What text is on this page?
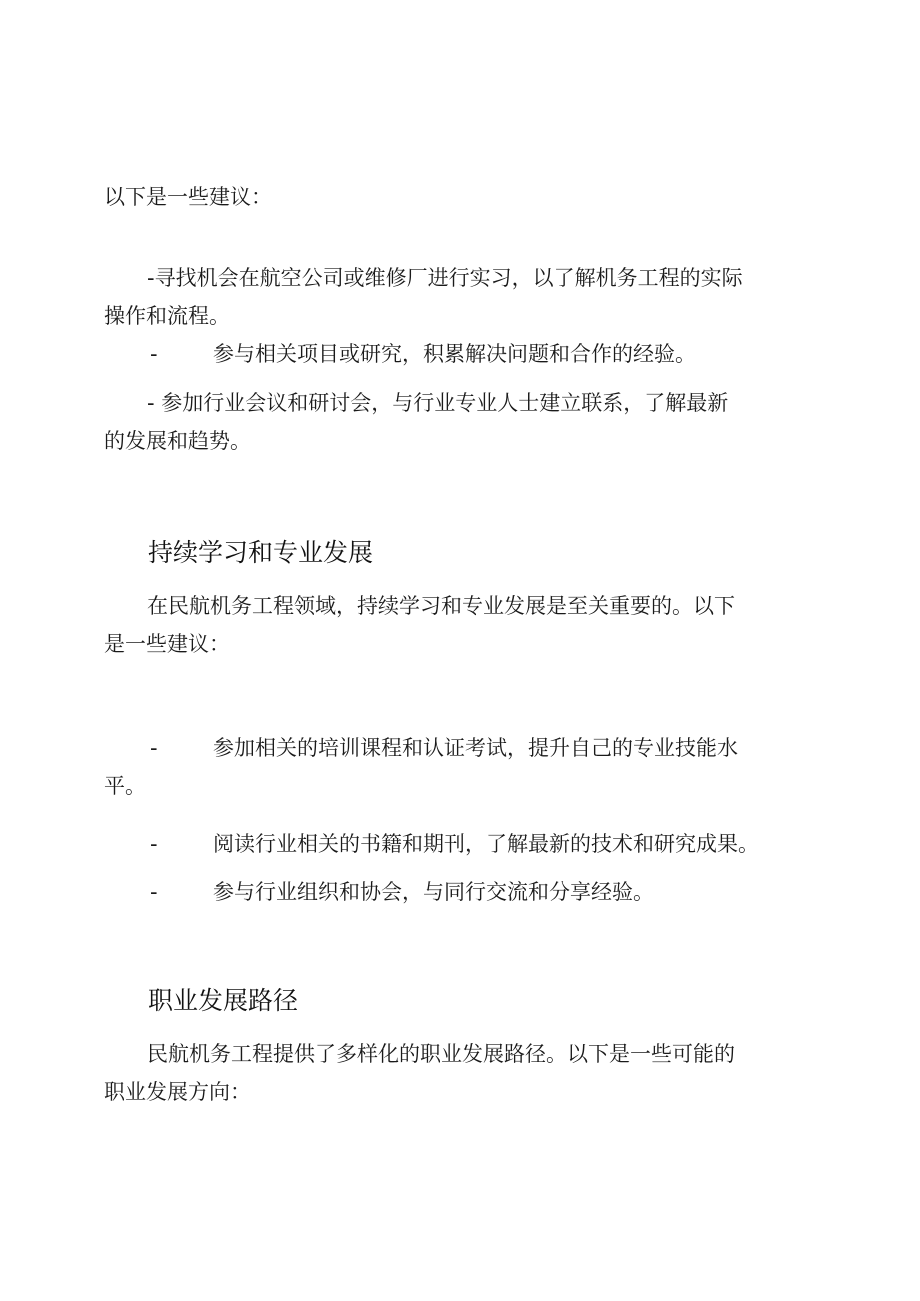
以下是一些建议：

-寻找机会在航空公司或维修厂进行实习，以了解机务工程的实际
操作和流程。

-	参与相关项目或研究，积累解决问题和合作的经验。

- 参加行业会议和研讨会，与行业专业人士建立联系，了解最新
的发展和趋势。

持续学习和专业发展

在民航机务工程领域，持续学习和专业发展是至关重要的。以下
是一些建议：

-	参加相关的培训课程和认证考试，提升自己的专业技能水
平。

-	阅读行业相关的书籍和期刊，了解最新的技术和研究成果。

-	参与行业组织和协会，与同行交流和分享经验。

职业发展路径

民航机务工程提供了多样化的职业发展路径。以下是一些可能的
职业发展方向：
